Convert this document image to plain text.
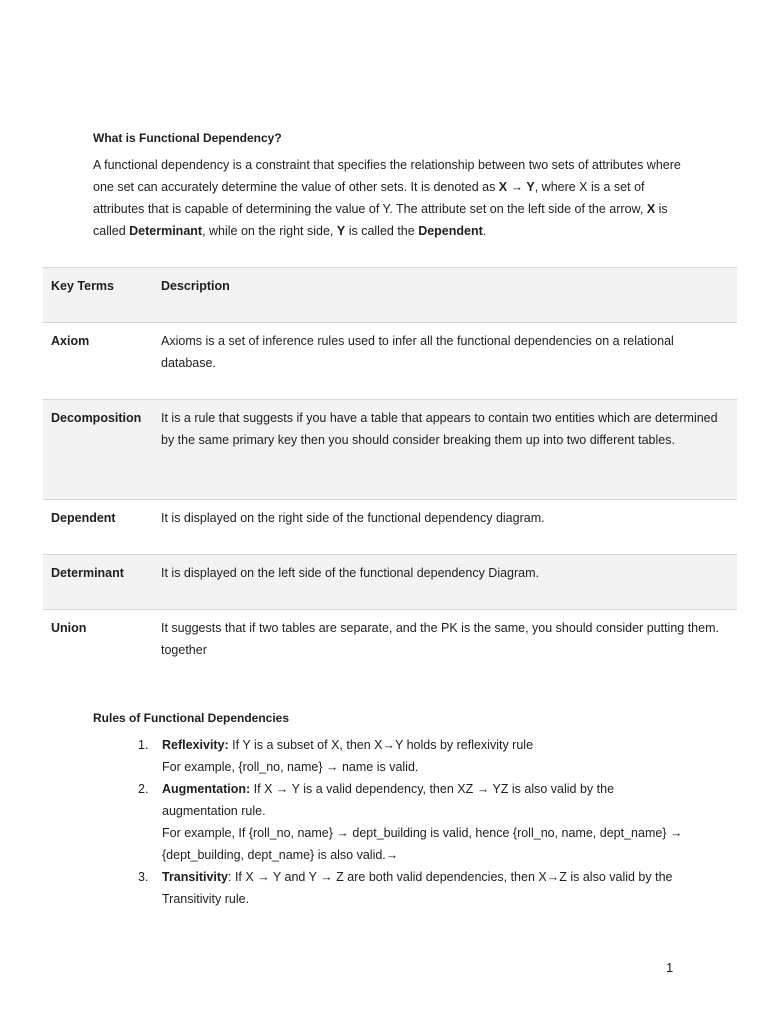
What is Functional Dependency?

A functional dependency is a constraint that specifies the relationship between two sets of attributes where one set can accurately determine the value of other sets. It is denoted as X → Y, where X is a set of attributes that is capable of determining the value of Y. The attribute set on the left side of the arrow, X is called Determinant, while on the right side, Y is called the Dependent.

Key Terms	Description
Axiom	Axioms is a set of inference rules used to infer all the functional dependencies on a relational database.
Decomposition	It is a rule that suggests if you have a table that appears to contain two entities which are determined by the same primary key then you should consider breaking them up into two different tables.
Dependent	It is displayed on the right side of the functional dependency diagram.
Determinant	It is displayed on the left side of the functional dependency Diagram.
Union	It suggests that if two tables are separate, and the PK is the same, you should consider putting them. together
Rules of Functional Dependencies
1. Reflexivity: If Y is a subset of X, then X→Y holds by reflexivity rule
For example, {roll_no, name} → name is valid.
2. Augmentation: If X → Y is a valid dependency, then XZ → YZ is also valid by the augmentation rule.
For example, If {roll_no, name} → dept_building is valid, hence {roll_no, name, dept_name} → {dept_building, dept_name} is also valid.→
3. Transitivity: If X → Y and Y → Z are both valid dependencies, then X→Z is also valid by the Transitivity rule.
1
